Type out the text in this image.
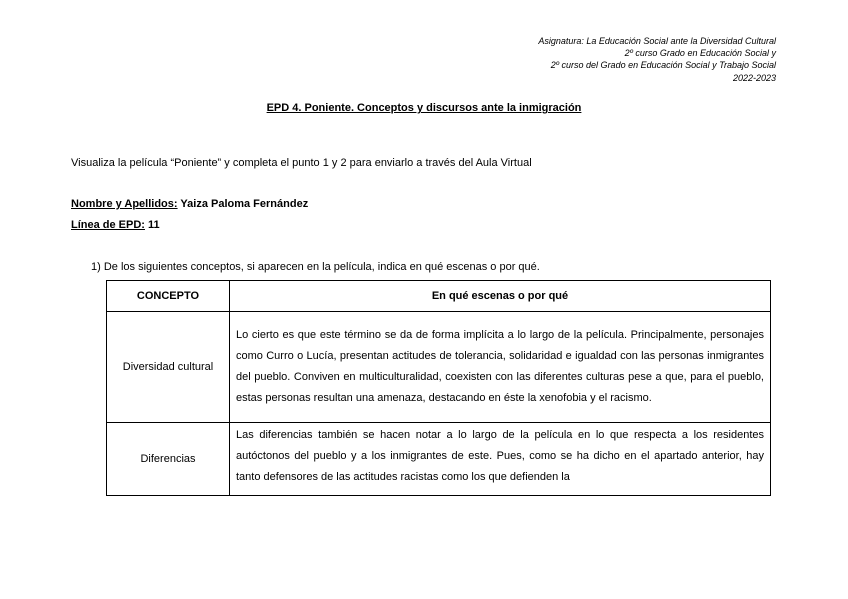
Asignatura: La Educación Social ante la Diversidad Cultural
2º curso Grado en Educación Social y
2º curso del Grado en Educación Social y Trabajo Social
2022-2023
EPD 4. Poniente. Conceptos y discursos ante la inmigración
Visualiza la película “Poniente” y completa el punto 1 y 2 para enviarlo a través del Aula Virtual
Nombre y Apellidos: Yaiza Paloma Fernández
Línea de EPD: 11
1) De los siguientes conceptos, si aparecen en la película, indica en qué escenas o por qué.
CONCEPTO	En qué escenas o por qué
Diversidad cultural	Lo cierto es que este término se da de forma implícita a lo largo de la película. Principalmente, personajes como Curro o Lucía, presentan actitudes de tolerancia, solidaridad e igualdad con las personas inmigrantes del pueblo. Conviven en multiculturalidad, coexisten con las diferentes culturas pese a que, para el pueblo, estas personas resultan una amenaza, destacando en éste la xenofobia y el racismo.
Diferencias	Las diferencias también se hacen notar a lo largo de la película en lo que respecta a los residentes autóctonos del pueblo y a los inmigrantes de este. Pues, como se ha dicho en el apartado anterior, hay tanto defensores de las actitudes racistas como los que defienden la
